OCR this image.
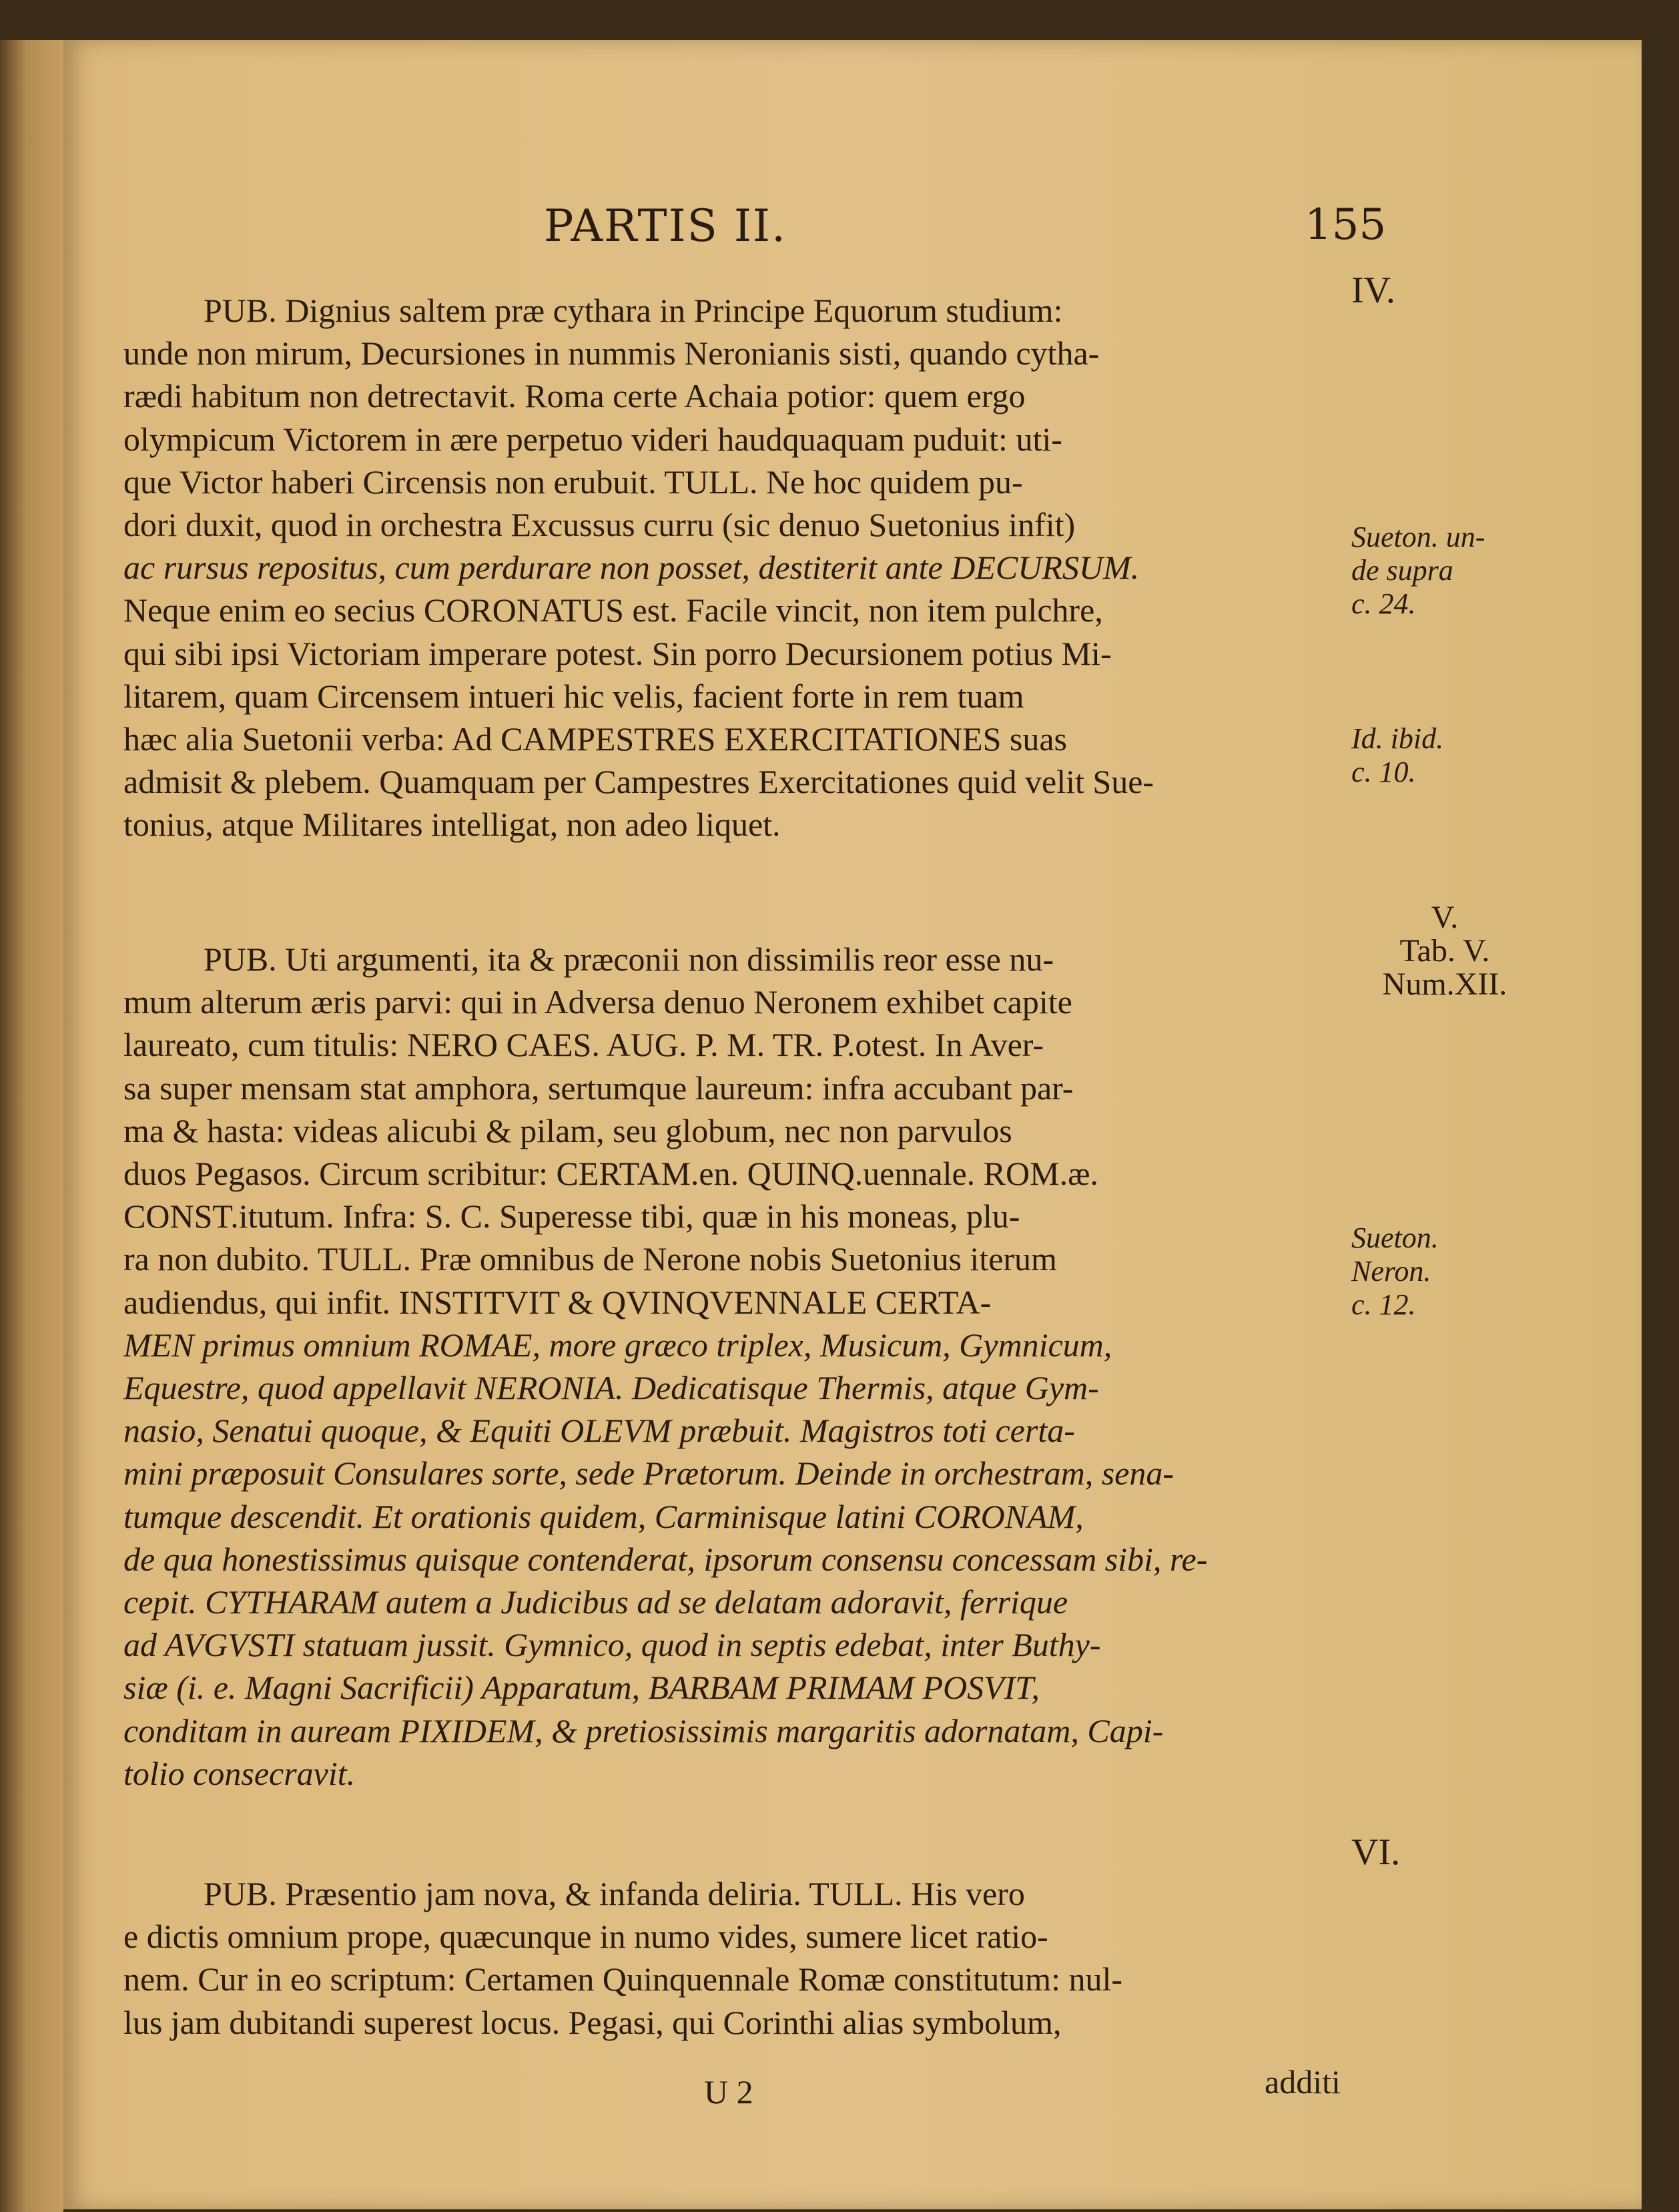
PARTIS II.	155
PUB. Dignius saltem præ cythara in Principe Equorum studium:
unde non mirum, Decursiones in nummis Neronianis sisti, quando cytha-
rædi habitum non detrectavit. Roma certe Achaia potior: quem ergo
olympicum Victorem in ære perpetuo videri haudquaquam puduit: uti-
que Victor haberi Circensis non erubuit. TULL. Ne hoc quidem pu-
dori duxit, quod in orchestra Excussus curru (sic denuo Suetonius infit)
ac rursus repositus, cum perdurare non posset, destiterit ante DECURSUM.
Neque enim eo secius CORONATUS est. Facile vincit, non item pulchre,
qui sibi ipsi Victoriam imperare potest. Sin porro Decursionem potius Mi-
litarem, quam Circensem intueri hic velis, facient forte in rem tuam
hæc alia Suetonii verba: Ad CAMPESTRES EXERCITATIONES suas
admisit & plebem. Quamquam per Campestres Exercitationes quid velit Sue-
tonius, atque Militares intelligat, non adeo liquet.
PUB. Uti argumenti, ita & præconii non dissimilis reor esse nu-
mum alterum æris parvi: qui in Adversa denuo Neronem exhibet capite
laureato, cum titulis: NERO CAES. AUG. P. M. TR. P.otest. In Aver-
sa super mensam stat amphora, sertumque laureum: infra accubant par-
ma & hasta: videas alicubi & pilam, seu globum, nec non parvulos
duos Pegasos. Circum scribitur: CERTAM.en. QUINQ.uennale. ROM.æ.
CONST.itutum. Infra: S. C. Superesse tibi, quæ in his moneas, plu-
ra non dubito. TULL. Præ omnibus de Nerone nobis Suetonius iterum
audiendus, qui infit. INSTITVIT & QVINQVENNALE CERTA-
MEN primus omnium ROMAE, more græco triplex, Musicum, Gymnicum,
Equestre, quod appellavit NERONIA. Dedicatisque Thermis, atque Gym-
nasio, Senatui quoque, & Equiti OLEVM præbuit. Magistros toti certa-
mini præposuit Consulares sorte, sede Prætorum. Deinde in orchestram, sena-
tumque descendit. Et orationis quidem, Carminisque latini CORONAM,
de qua honestissimus quisque contenderat, ipsorum consensu concessam sibi, re-
cepit. CYTHARAM autem a Judicibus ad se delatam adoravit, ferrique
ad AVGVSTI statuam jussit. Gymnico, quod in septis edebat, inter Buthy-
siæ (i. e. Magni Sacrificii) Apparatum, BARBAM PRIMAM POSVIT,
conditam in auream PIXIDEM, & pretiosissimis margaritis adornatam, Capi-
tolio consecravit.
PUB. Præsentio jam nova, & infanda deliria. TULL. His vero
e dictis omnium prope, quæcunque in numo vides, sumere licet ratio-
nem. Cur in eo scriptum: Certamen Quinquennale Romæ constitutum: nul-
lus jam dubitandi superest locus. Pegasi, qui Corinthi alias symbolum,
IV.
Sueton. un-
de supra
c. 24.
Id. ibid.
c. 10.
V.
Tab. V.
Num.XII.
Sueton.
Neron.
c. 12.
VI.
U 2	additi
